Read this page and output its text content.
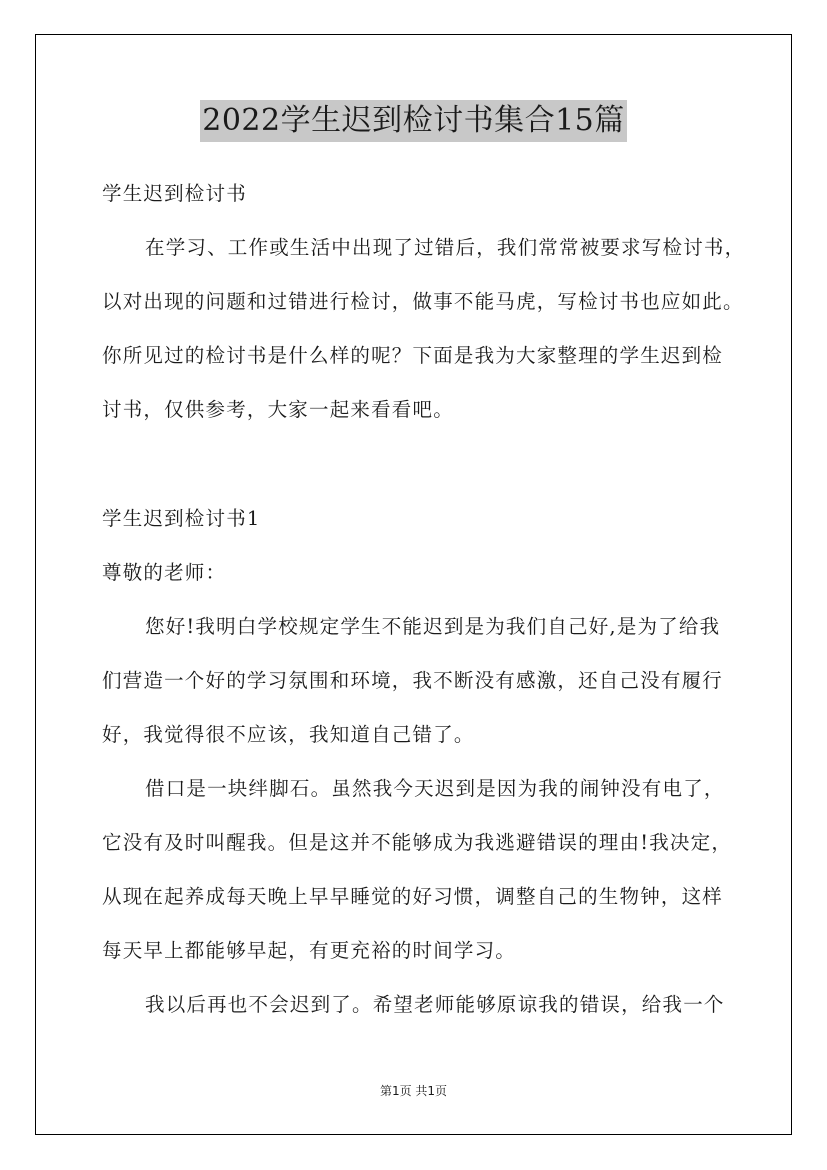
2022学生迟到检讨书集合15篇
学生迟到检讨书
在学习、工作或生活中出现了过错后，我们常常被要求写检讨书，
以对出现的问题和过错进行检讨，做事不能马虎，写检讨书也应如此。
你所见过的检讨书是什么样的呢？下面是我为大家整理的学生迟到检
讨书，仅供参考，大家一起来看看吧。
学生迟到检讨书1
尊敬的老师：
您好!我明白学校规定学生不能迟到是为我们自己好,是为了给我
们营造一个好的学习氛围和环境，我不断没有感激，还自己没有履行
好，我觉得很不应该，我知道自己错了。
借口是一块绊脚石。虽然我今天迟到是因为我的闹钟没有电了，
它没有及时叫醒我。但是这并不能够成为我逃避错误的理由!我决定，
从现在起养成每天晚上早早睡觉的好习惯，调整自己的生物钟，这样
每天早上都能够早起，有更充裕的时间学习。
我以后再也不会迟到了。希望老师能够原谅我的错误，给我一个
第1页 共1页
